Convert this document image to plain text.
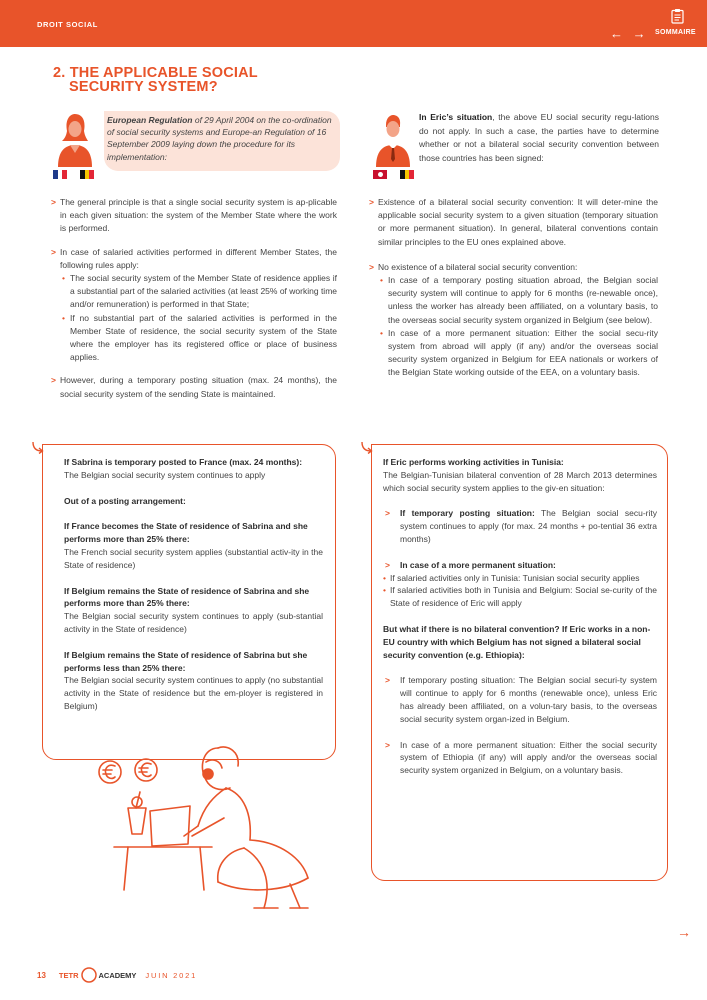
DROIT SOCIAL
← →	SOMMAIRE
2. THE APPLICABLE SOCIAL
SECURITY SYSTEM?
European Regulation of 29 April 2004 on the co-ordination of social security systems and Europe-an Regulation of 16 September 2009 laying down the procedure for its implementation:
In Eric’s situation, the above EU social security regu-lations do not apply. In such a case, the parties have to determine whether or not a bilateral social security convention between those countries has been signed:
> The general principle is that a single social security system is ap-plicable in each given situation: the system of the Member State where the work is performed.
> In case of salaried activities performed in different Member States, the following rules apply:
• The social security system of the Member State of residence applies if a substantial part of the salaried activities (at least 25% of working time and/or remuneration) is performed in that State;
• If no substantial part of the salaried activities is performed in the Member State of residence, the social security system of the State where the employer has its registered office or place of business applies.
> However, during a temporary posting situation (max. 24 months), the social security system of the sending State is maintained.
> Existence of a bilateral social security convention: It will deter-mine the applicable social security system to a given situation (temporary situation or more permanent situation). In general, bilateral conventions contain similar principles to the EU ones explained above.
> No existence of a bilateral social security convention:
• In case of a temporary posting situation abroad, the Belgian social security system will continue to apply for 6 months (re-newable once), unless the worker has already been affiliated, on a voluntary basis, to the overseas social security system organized in Belgium (see below).
• In case of a more permanent situation: Either the social secu-rity system from abroad will apply (if any) and/or the overseas social security system organized in Belgium for EEA nationals or workers of the Belgian State working outside of the EEA, on a voluntary basis.
If Sabrina is temporary posted to France (max. 24 months):

The Belgian social security system continues to apply

Out of a posting arrangement:
If France becomes the State of residence of Sabrina and she performs more than 25% there:

The French social security system applies (substantial activ-ity in the State of residence)

If Belgium remains the State of residence of Sabrina and she performs more than 25% there:

The Belgian social security system continues to apply (sub-stantial activity in the State of residence)

If Belgium remains the State of residence of Sabrina but she performs less than 25% there:

The Belgian social security system continues to apply (no substantial activity in the State of residence but the em-ployer is registered in Belgium)

If Eric performs working activities in Tunisia:

The Belgian-Tunisian bilateral convention of 28 March 2013 determines which social security system applies to the giv-en situation:

> If temporary posting situation: The Belgian social secu-rity system continues to apply (for max. 24 months + po-tential 36 extra months)
> In case of a more permanent situation:
• If salaried activities only in Tunisia: Tunisian social security applies
• If salaried activities both in Tunisia and Belgium: Social se-curity of the State of residence of Eric will apply
But what if there is no bilateral convention? If Eric works in a non-EU country with which Belgium has not signed a bilateral social security convention (e.g. Ethiopia):
> If temporary posting situation: The Belgian social securi-ty system will continue to apply for 6 months (renewable once), unless Eric has already been affiliated, on a volun-tary basis, to the overseas social security system organ-ized in Belgium.
> In case of a more permanent situation: Either the social security system of Ethiopia (if any) will apply and/or the overseas social security system organized in Belgium, on a voluntary basis.
13 TETR	ACADEMY JUIN 2021
→
